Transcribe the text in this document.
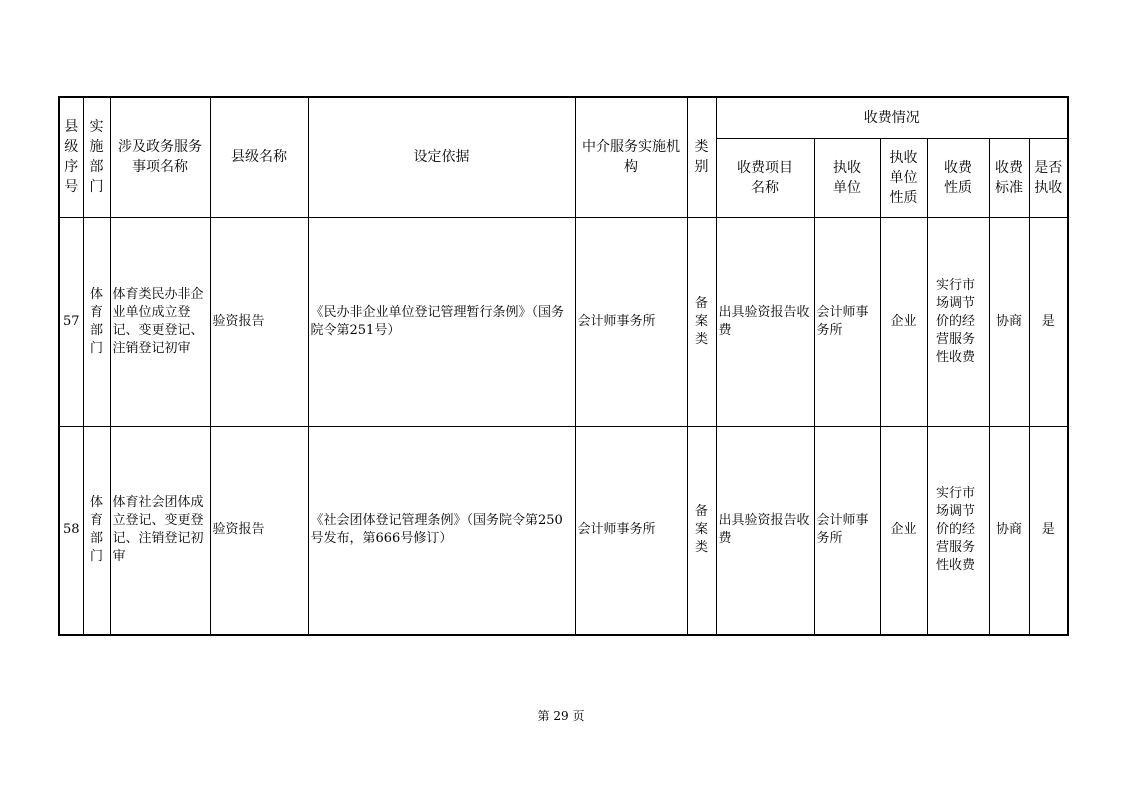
县级序号	实施部门	涉及政务服务事项名称	县级名称	设定依据	中介服务实施机构	类别	收费情况					

							收费项目名称	执收单位	执收单位性质	收费性质	收费标准	是否执收

57	体育部门	体育类民办非企业单位成立登记、变更登记、注销登记初审	验资报告	《民办非企业单位登记管理暂行条例》（国务院令第251号）	会计师事务所	备案类	出具验资报告收费	会计师事务所	企业	实行市场调节价的经营服务性收费	协商	是
58	体育部门	体育社会团体成立登记、变更登记、注销登记初审	验资报告	《社会团体登记管理条例》（国务院令第250号发布，第666号修订）	会计师事务所	备案类	出具验资报告收费	会计师事务所	企业	实行市场调节价的经营服务性收费	协商	是
第 29 页
